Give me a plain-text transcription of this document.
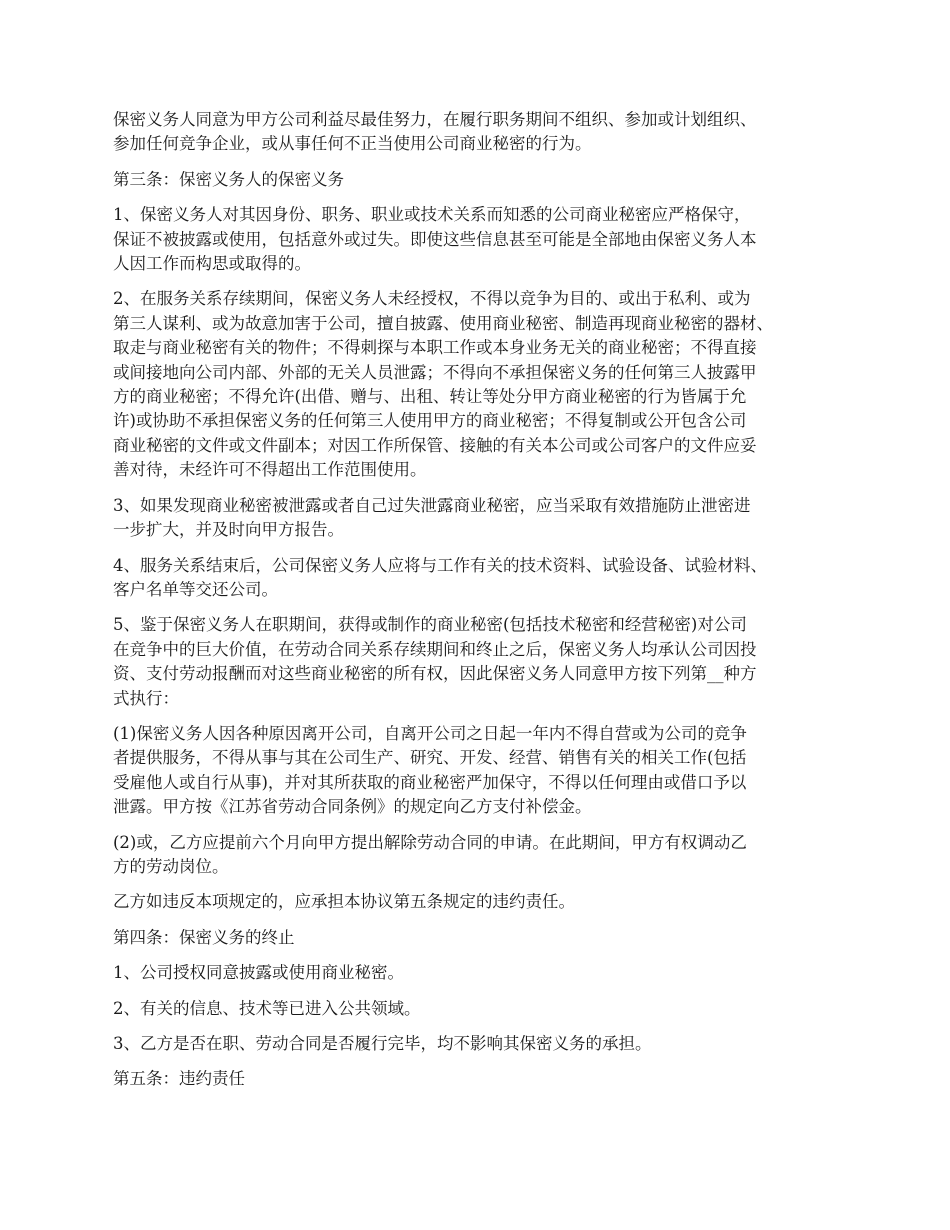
保密义务人同意为甲方公司利益尽最佳努力，在履行职务期间不组织、参加或计划组织、
参加任何竞争企业，或从事任何不正当使用公司商业秘密的行为。

第三条：保密义务人的保密义务

1、保密义务人对其因身份、职务、职业或技术关系而知悉的公司商业秘密应严格保守，
保证不被披露或使用，包括意外或过失。即使这些信息甚至可能是全部地由保密义务人本
人因工作而构思或取得的。

2、在服务关系存续期间，保密义务人未经授权，不得以竞争为目的、或出于私利、或为
第三人谋利、或为故意加害于公司，擅自披露、使用商业秘密、制造再现商业秘密的器材、
取走与商业秘密有关的物件；不得刺探与本职工作或本身业务无关的商业秘密；不得直接
或间接地向公司内部、外部的无关人员泄露；不得向不承担保密义务的任何第三人披露甲
方的商业秘密；不得允许(出借、赠与、出租、转让等处分甲方商业秘密的行为皆属于允
许)或协助不承担保密义务的任何第三人使用甲方的商业秘密；不得复制或公开包含公司
商业秘密的文件或文件副本；对因工作所保管、接触的有关本公司或公司客户的文件应妥
善对待，未经许可不得超出工作范围使用。

3、如果发现商业秘密被泄露或者自己过失泄露商业秘密，应当采取有效措施防止泄密进
一步扩大，并及时向甲方报告。

4、服务关系结束后，公司保密义务人应将与工作有关的技术资料、试验设备、试验材料、
客户名单等交还公司。

5、鉴于保密义务人在职期间，获得或制作的商业秘密(包括技术秘密和经营秘密)对公司
在竞争中的巨大价值，在劳动合同关系存续期间和终止之后，保密义务人均承认公司因投
资、支付劳动报酬而对这些商业秘密的所有权，因此保密义务人同意甲方按下列第__种方
式执行：

(1)保密义务人因各种原因离开公司，自离开公司之日起一年内不得自营或为公司的竞争
者提供服务，不得从事与其在公司生产、研究、开发、经营、销售有关的相关工作(包括
受雇他人或自行从事)，并对其所获取的商业秘密严加保守，不得以任何理由或借口予以
泄露。甲方按《江苏省劳动合同条例》的规定向乙方支付补偿金。

(2)或，乙方应提前六个月向甲方提出解除劳动合同的申请。在此期间，甲方有权调动乙
方的劳动岗位。

乙方如违反本项规定的，应承担本协议第五条规定的违约责任。

第四条：保密义务的终止

1、公司授权同意披露或使用商业秘密。

2、有关的信息、技术等已进入公共领域。

3、乙方是否在职、劳动合同是否履行完毕，均不影响其保密义务的承担。

第五条：违约责任
